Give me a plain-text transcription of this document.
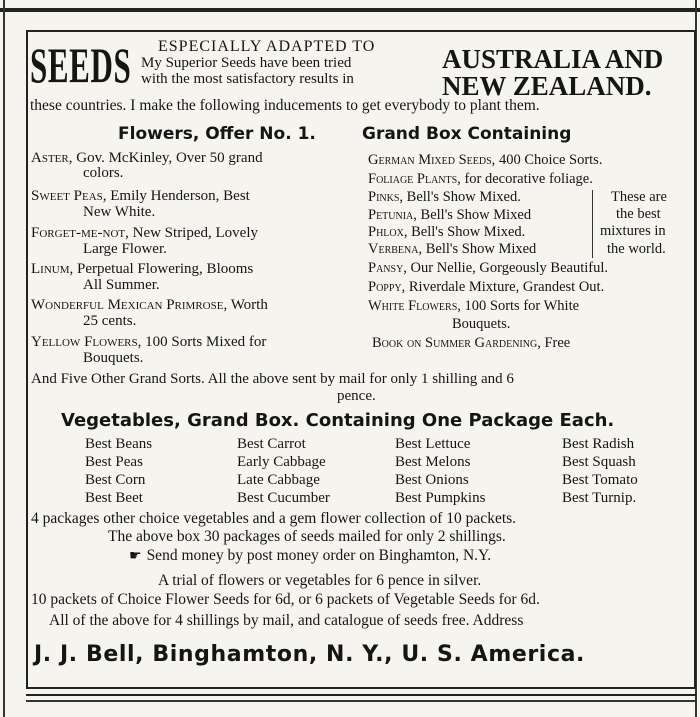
SEEDS ESPECIALLY ADAPTED TO
My Superior Seeds have been tried
with the most satisfactory results in
AUSTRALIA AND
NEW ZEALAND.
these countries. I make the following inducements to get everybody to plant them.
Flowers, Offer No. 1.	Grand Box Containing
Aster, Gov. McKinley, Over 50 grand
colors.
Sweet Peas, Emily Henderson, Best
New White.
Forget-me-not, New Striped, Lovely
Large Flower.
Linum, Perpetual Flowering, Blooms
All Summer.
Wonderful Mexican Primrose, Worth
25 cents.
Yellow Flowers, 100 Sorts Mixed for
Bouquets.
German Mixed Seeds, 400 Choice Sorts.
Foliage Plants, for decorative foliage.
Pinks, Bell's Show Mixed.
Petunia, Bell's Show Mixed
Phlox, Bell's Show Mixed.
Verbena, Bell's Show Mixed
These are
the best
mixtures in
the world.
Pansy, Our Nellie, Gorgeously Beautiful.
Poppy, Riverdale Mixture, Grandest Out.
White Flowers, 100 Sorts for White
Bouquets.
Book on Summer Gardening, Free
And Five Other Grand Sorts. All the above sent by mail for only 1 shilling and 6
pence.
Vegetables, Grand Box. Containing One Package Each.
Best Beans
Best Peas
Best Corn
Best Beet
Best Carrot
Early Cabbage
Late Cabbage
Best Cucumber
Best Lettuce
Best Melons
Best Onions
Best Pumpkins
Best Radish
Best Squash
Best Tomato
Best Turnip.
4 packages other choice vegetables and a gem flower collection of 10 packets.
The above box 30 packages of seeds mailed for only 2 shillings.
☛ Send money by post money order on Binghamton, N.Y.
A trial of flowers or vegetables for 6 pence in silver.
10 packets of Choice Flower Seeds for 6d, or 6 packets of Vegetable Seeds for 6d.
All of the above for 4 shillings by mail, and catalogue of seeds free. Address
J. J. Bell, Binghamton, N. Y., U. S. America.
